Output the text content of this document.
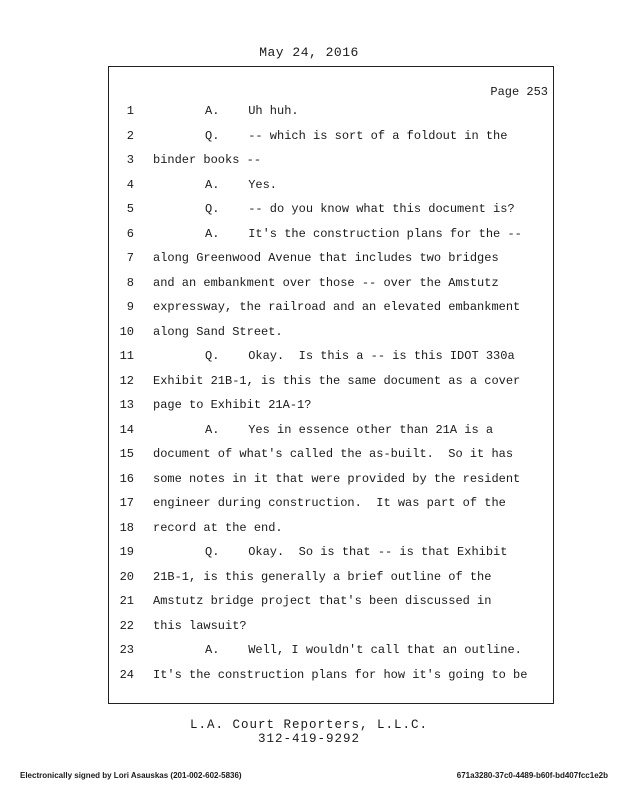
May 24, 2016
Page 253
1	A.    Uh huh.
2	Q.    -- which is sort of a foldout in the
3 binder books --
4	A.    Yes.
5	Q.    -- do you know what this document is?
6	A.    It's the construction plans for the --
7 along Greenwood Avenue that includes two bridges
8 and an embankment over those -- over the Amstutz
9 expressway, the railroad and an elevated embankment
10 along Sand Street.
11	Q.    Okay.  Is this a -- is this IDOT 330a
12 Exhibit 21B-1, is this the same document as a cover
13 page to Exhibit 21A-1?
14	A.    Yes in essence other than 21A is a
15 document of what's called the as-built.  So it has
16 some notes in it that were provided by the resident
17 engineer during construction.  It was part of the
18 record at the end.
19	Q.    Okay.  So is that -- is that Exhibit
20 21B-1, is this generally a brief outline of the
21 Amstutz bridge project that's been discussed in
22 this lawsuit?
23	A.    Well, I wouldn't call that an outline.
24 It's the construction plans for how it's going to be
L.A. Court Reporters, L.L.C.
312-419-9292
Electronically signed by Lori Asauskas (201-002-602-5836)	671a3280-37c0-4489-b60f-bd407fcc1e2b
